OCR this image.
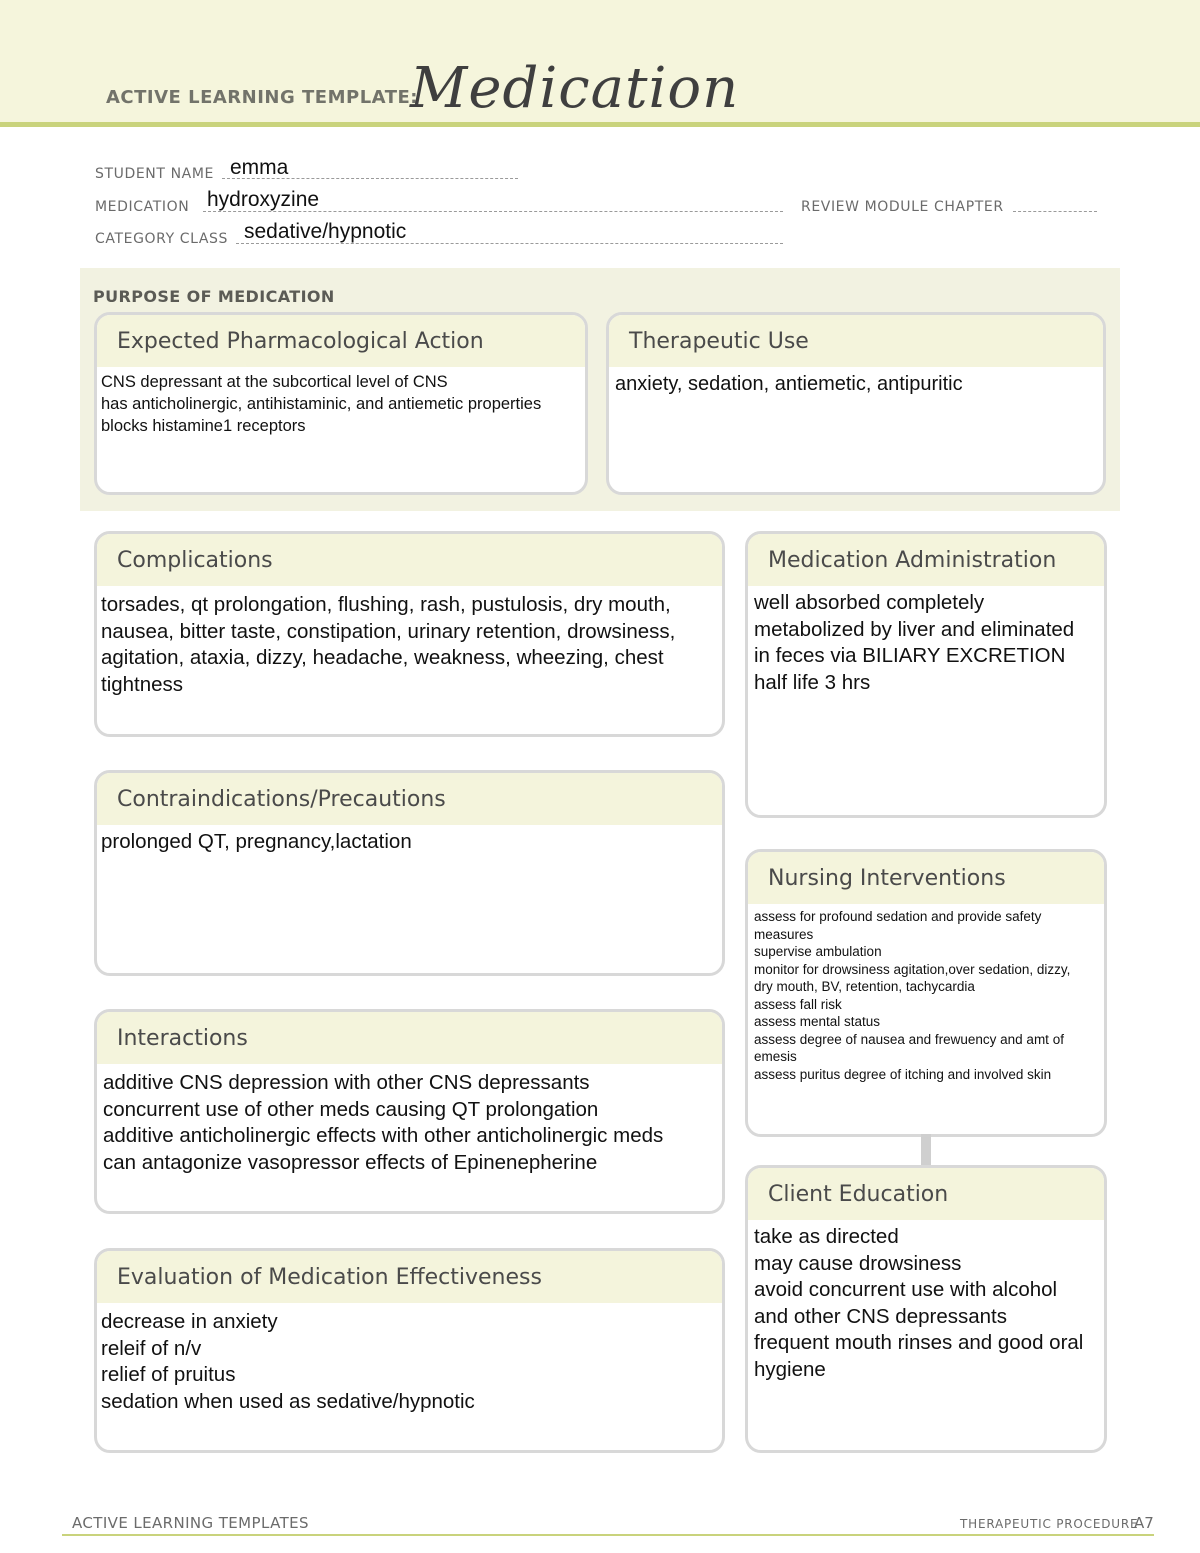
ACTIVE LEARNING TEMPLATE:
Medication
STUDENT NAME emma
MEDICATION hydroxyzine	REVIEW MODULE CHAPTER
CATEGORY CLASS sedative/hypnotic
PURPOSE OF MEDICATION
Expected Pharmacological Action
CNS depressant at the subcortical level of CNS
has anticholinergic, antihistaminic, and antiemetic properties
blocks histamine1 receptors
Therapeutic Use
anxiety, sedation, antiemetic, antipuritic
Complications
torsades, qt prolongation, flushing, rash, pustulosis, dry mouth, nausea, bitter taste, constipation, urinary retention, drowsiness, agitation, ataxia, dizzy, headache, weakness, wheezing, chest tightness
Contraindications/Precautions
prolonged QT, pregnancy,lactation
Interactions
additive CNS depression with other CNS depressants
concurrent use of other meds causing QT prolongation
additive anticholinergic effects with other anticholinergic meds
can antagonize vasopressor effects of Epinenepherine
Evaluation of Medication Effectiveness
decrease in anxiety
releif of n/v
relief of pruitus
sedation when used as sedative/hypnotic
Medication Administration
well absorbed completely
metabolized by liver and eliminated in feces via BILIARY EXCRETION
half life 3 hrs
Nursing Interventions
assess for profound sedation and provide safety measures
supervise ambulation
monitor for drowsiness agitation,over sedation, dizzy, dry mouth, BV, retention, tachycardia
assess fall risk
assess mental status
assess degree of nausea and frewuency and amt of emesis
assess puritus degree of itching and involved skin
Client Education
take as directed
may cause drowsiness
avoid concurrent use with alcohol and other CNS depressants
frequent mouth rinses and good oral hygiene
ACTIVE LEARNING TEMPLATES	THERAPEUTIC PROCEDURE
A7
